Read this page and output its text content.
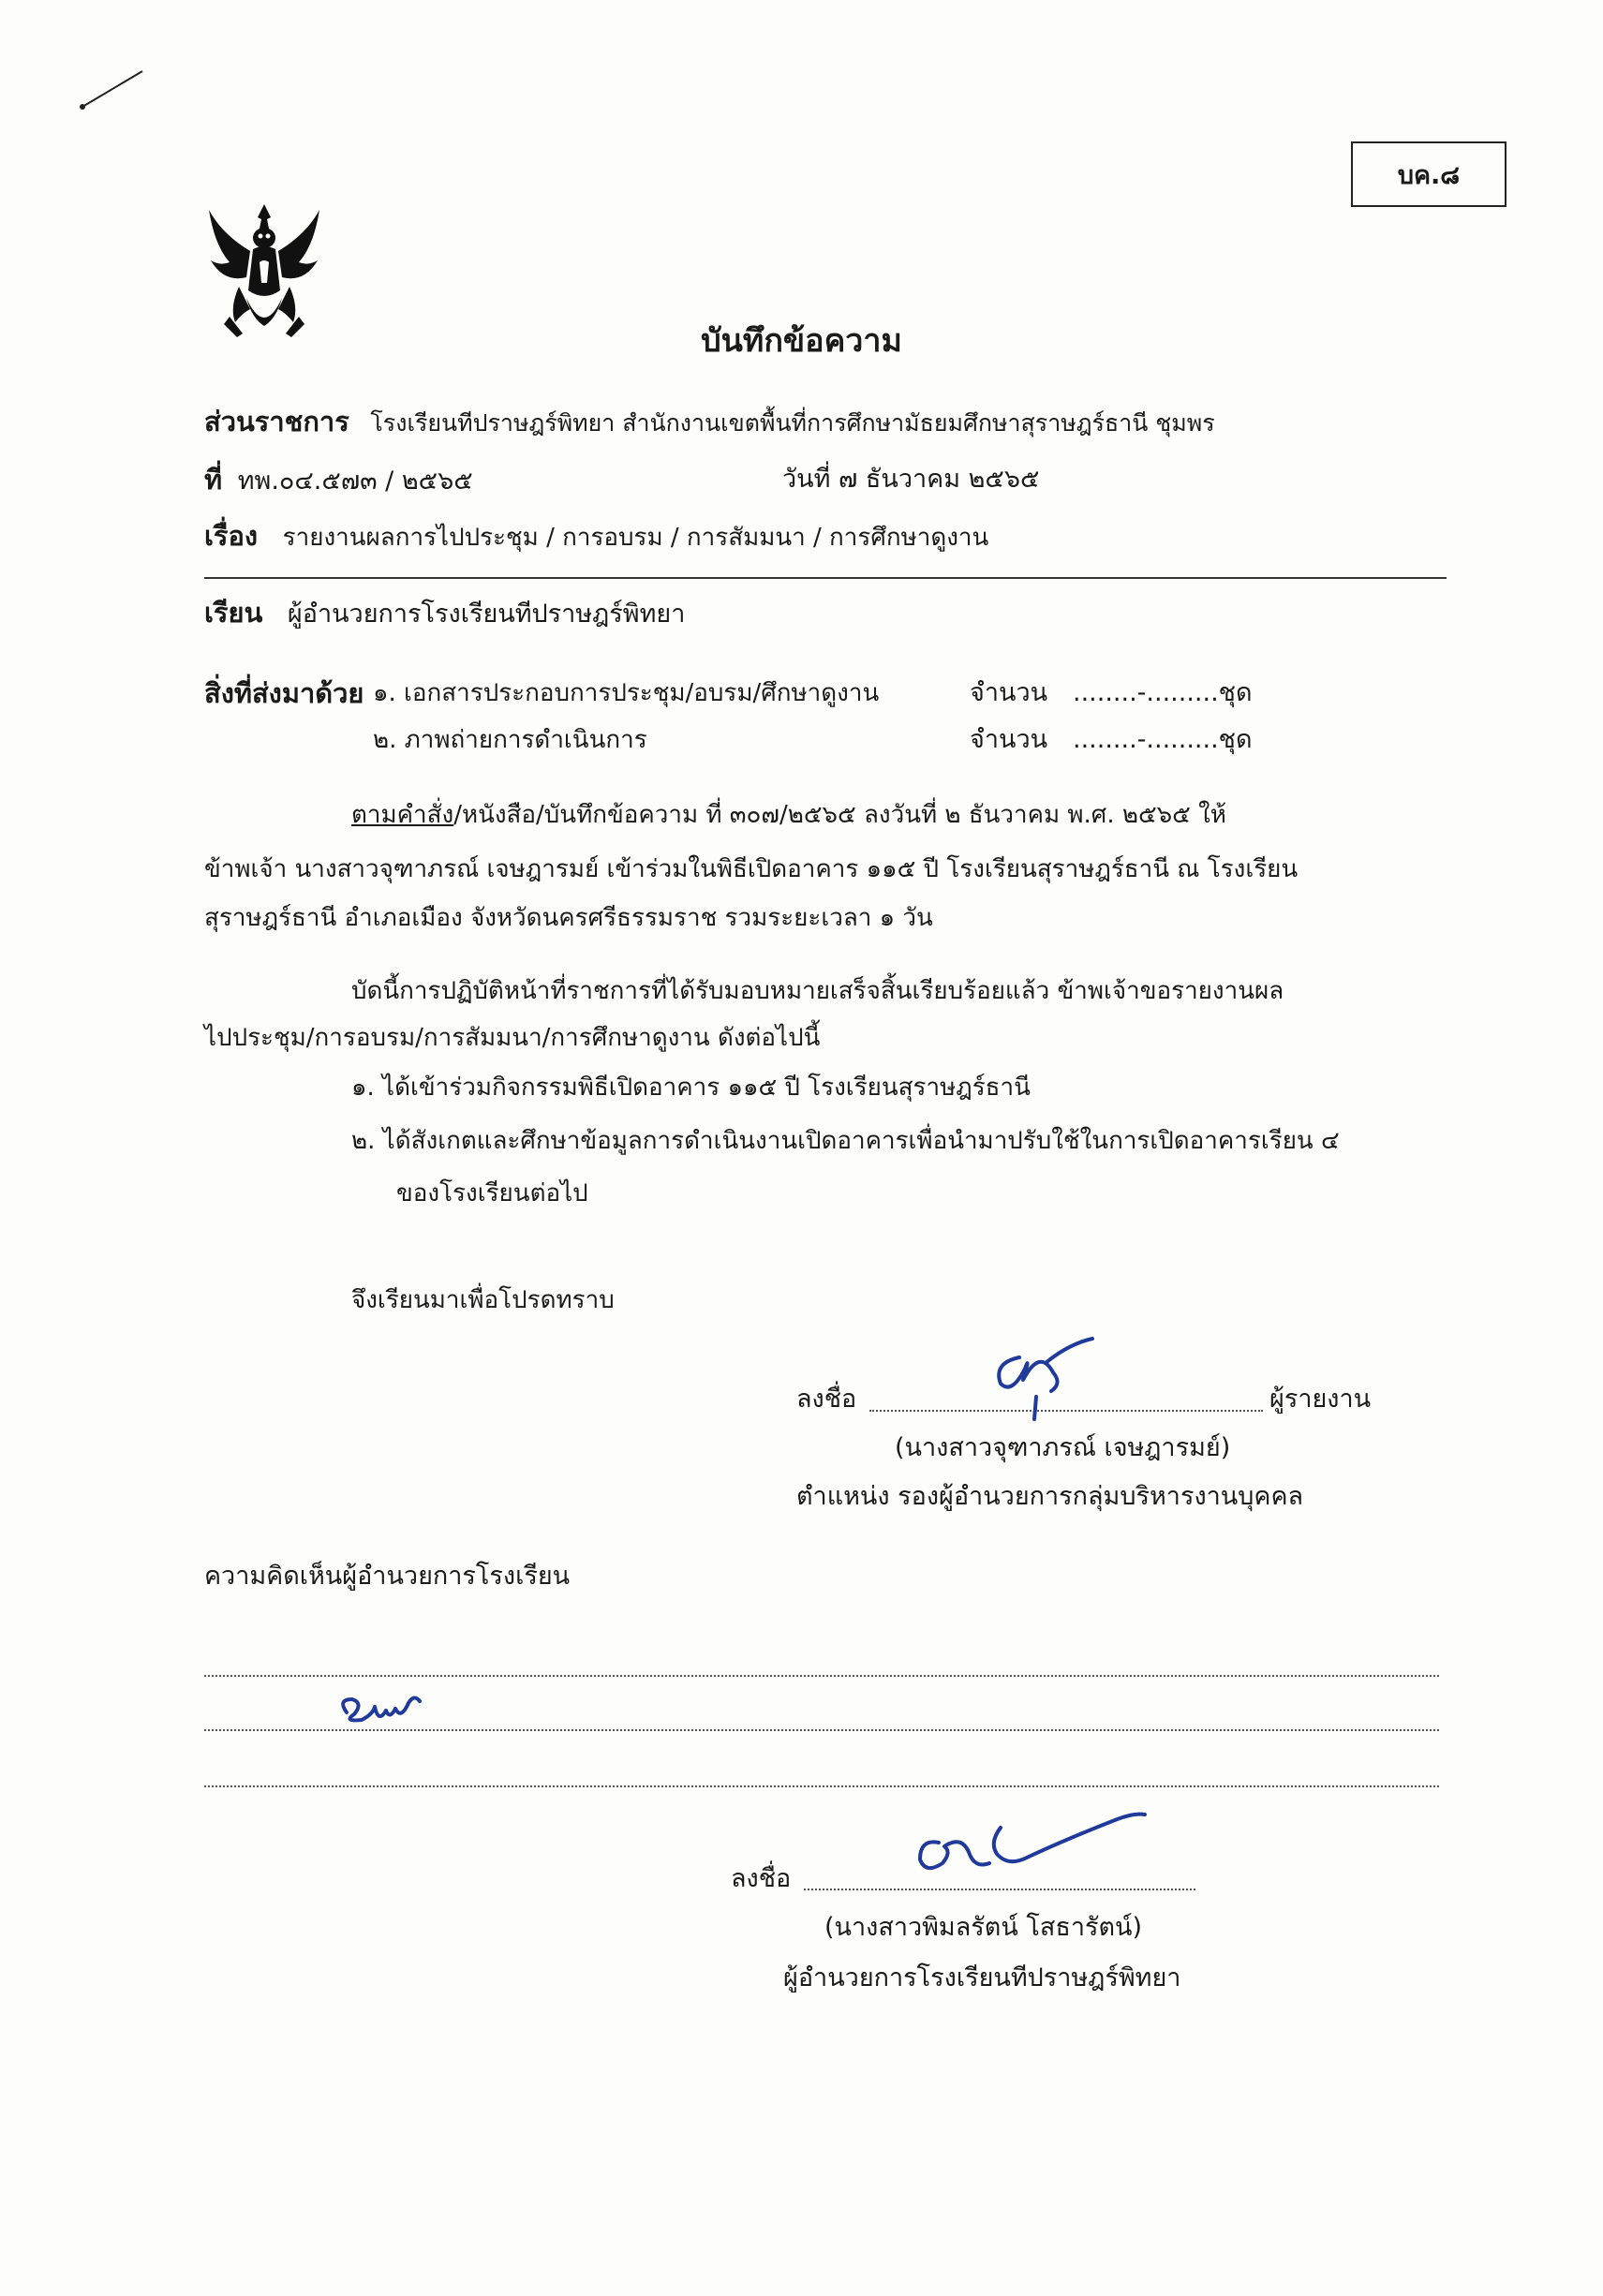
บค.๘
บันทึกข้อความ
ส่วนราชการ โรงเรียนทีปราษฎร์พิทยา สำนักงานเขตพื้นที่การศึกษามัธยมศึกษาสุราษฎร์ธานี ชุมพร
ที่ ทพ.๐๔.๕๗๓ / ๒๕๖๕	วันที่ ๗ ธันวาคม ๒๕๖๕
เรื่อง รายงานผลการไปประชุม / การอบรม / การสัมมนา / การศึกษาดูงาน
เรียน ผู้อำนวยการโรงเรียนทีปราษฎร์พิทยา
สิ่งที่ส่งมาด้วย ๑. เอกสารประกอบการประชุม/อบรม/ศึกษาดูงาน	จำนวน ........-.........ชุด
๒. ภาพถ่ายการดำเนินการ	จำนวน ........-.........ชุด
ตามคำสั่ง/หนังสือ/บันทึกข้อความ ที่ ๓๐๗/๒๕๖๕ ลงวันที่ ๒ ธันวาคม พ.ศ. ๒๕๖๕ ให้
ข้าพเจ้า นางสาวจุฑาภรณ์ เจษฎารมย์ เข้าร่วมในพิธีเปิดอาคาร ๑๑๕ ปี โรงเรียนสุราษฎร์ธานี ณ โรงเรียน
สุราษฎร์ธานี อำเภอเมือง จังหวัดนครศรีธรรมราช รวมระยะเวลา ๑ วัน
บัดนี้การปฏิบัติหน้าที่ราชการที่ได้รับมอบหมายเสร็จสิ้นเรียบร้อยแล้ว ข้าพเจ้าขอรายงานผล
ไปประชุม/การอบรม/การสัมมนา/การศึกษาดูงาน ดังต่อไปนี้
๑. ได้เข้าร่วมกิจกรรมพิธีเปิดอาคาร ๑๑๕ ปี โรงเรียนสุราษฎร์ธานี
๒. ได้สังเกตและศึกษาข้อมูลการดำเนินงานเปิดอาคารเพื่อนำมาปรับใช้ในการเปิดอาคารเรียน ๔
ของโรงเรียนต่อไป
จึงเรียนมาเพื่อโปรดทราบ
ลงชื่อ	ผู้รายงาน
(นางสาวจุฑาภรณ์ เจษฎารมย์)
ตำแหน่ง รองผู้อำนวยการกลุ่มบริหารงานบุคคล
ความคิดเห็นผู้อำนวยการโรงเรียน
ลงชื่อ
(นางสาวพิมลรัตน์ โสธารัตน์)
ผู้อำนวยการโรงเรียนทีปราษฎร์พิทยา
